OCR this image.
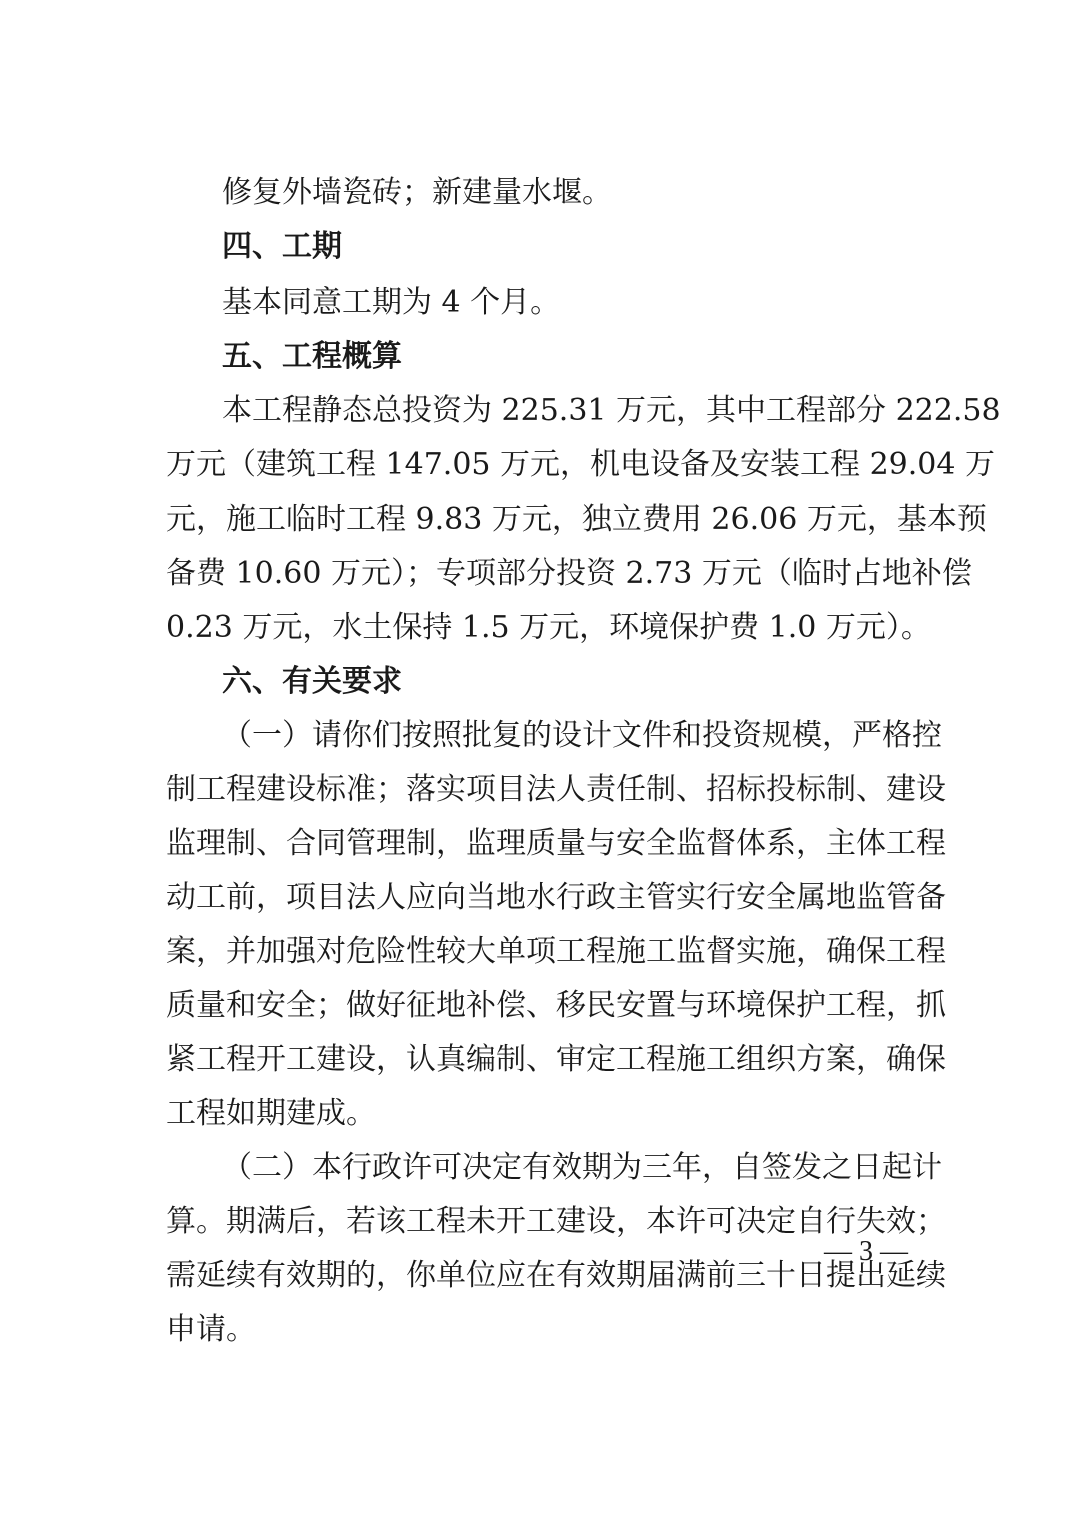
修复外墙瓷砖；新建量水堰。
四、工期
基本同意工期为 4 个月。
五、工程概算
本工程静态总投资为 225.31 万元，其中工程部分 222.58
万元（建筑工程 147.05 万元，机电设备及安装工程 29.04 万
元，施工临时工程 9.83 万元，独立费用 26.06 万元，基本预
备费 10.60 万元）；专项部分投资 2.73 万元（临时占地补偿
0.23 万元，水土保持 1.5 万元，环境保护费 1.0 万元）。
六、有关要求
（一）请你们按照批复的设计文件和投资规模，严格控
制工程建设标准；落实项目法人责任制、招标投标制、建设
监理制、合同管理制，监理质量与安全监督体系，主体工程
动工前，项目法人应向当地水行政主管实行安全属地监管备
案，并加强对危险性较大单项工程施工监督实施，确保工程
质量和安全；做好征地补偿、移民安置与环境保护工程，抓
紧工程开工建设，认真编制、审定工程施工组织方案，确保
工程如期建成。
（二）本行政许可决定有效期为三年，自签发之日起计
算。期满后，若该工程未开工建设，本许可决定自行失效；
需延续有效期的，你单位应在有效期届满前三十日提出延续
申请。
— 3 —
